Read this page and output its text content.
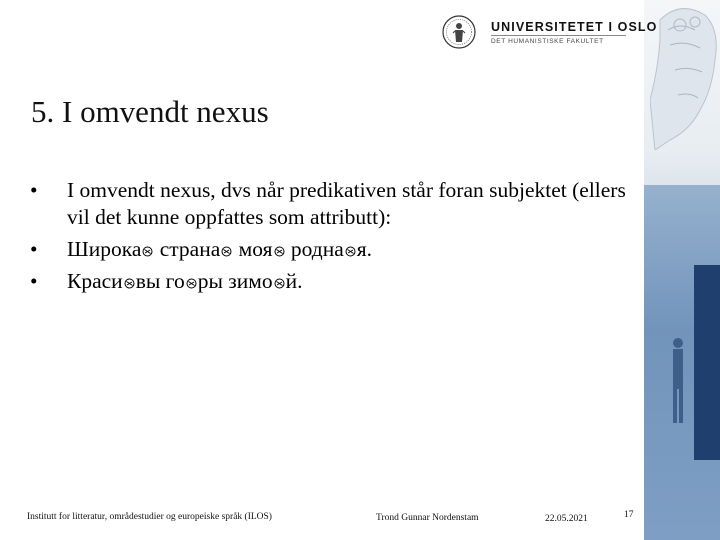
UNIVERSITETET I OSLO
DET HUMANISTISKE FAKULTET
5. I omvendt nexus
• I omvendt nexus, dvs når predikativen står foran subjektet (ellers vil det kunne oppfattes som attributt):
• Широка страна моя родна я.
• Краси вы го ры зимо й.
Institutt for litteratur, områdestudier og europeiske språk (ILOS)	Trond Gunnar Nordenstam	22.05.2021	17
